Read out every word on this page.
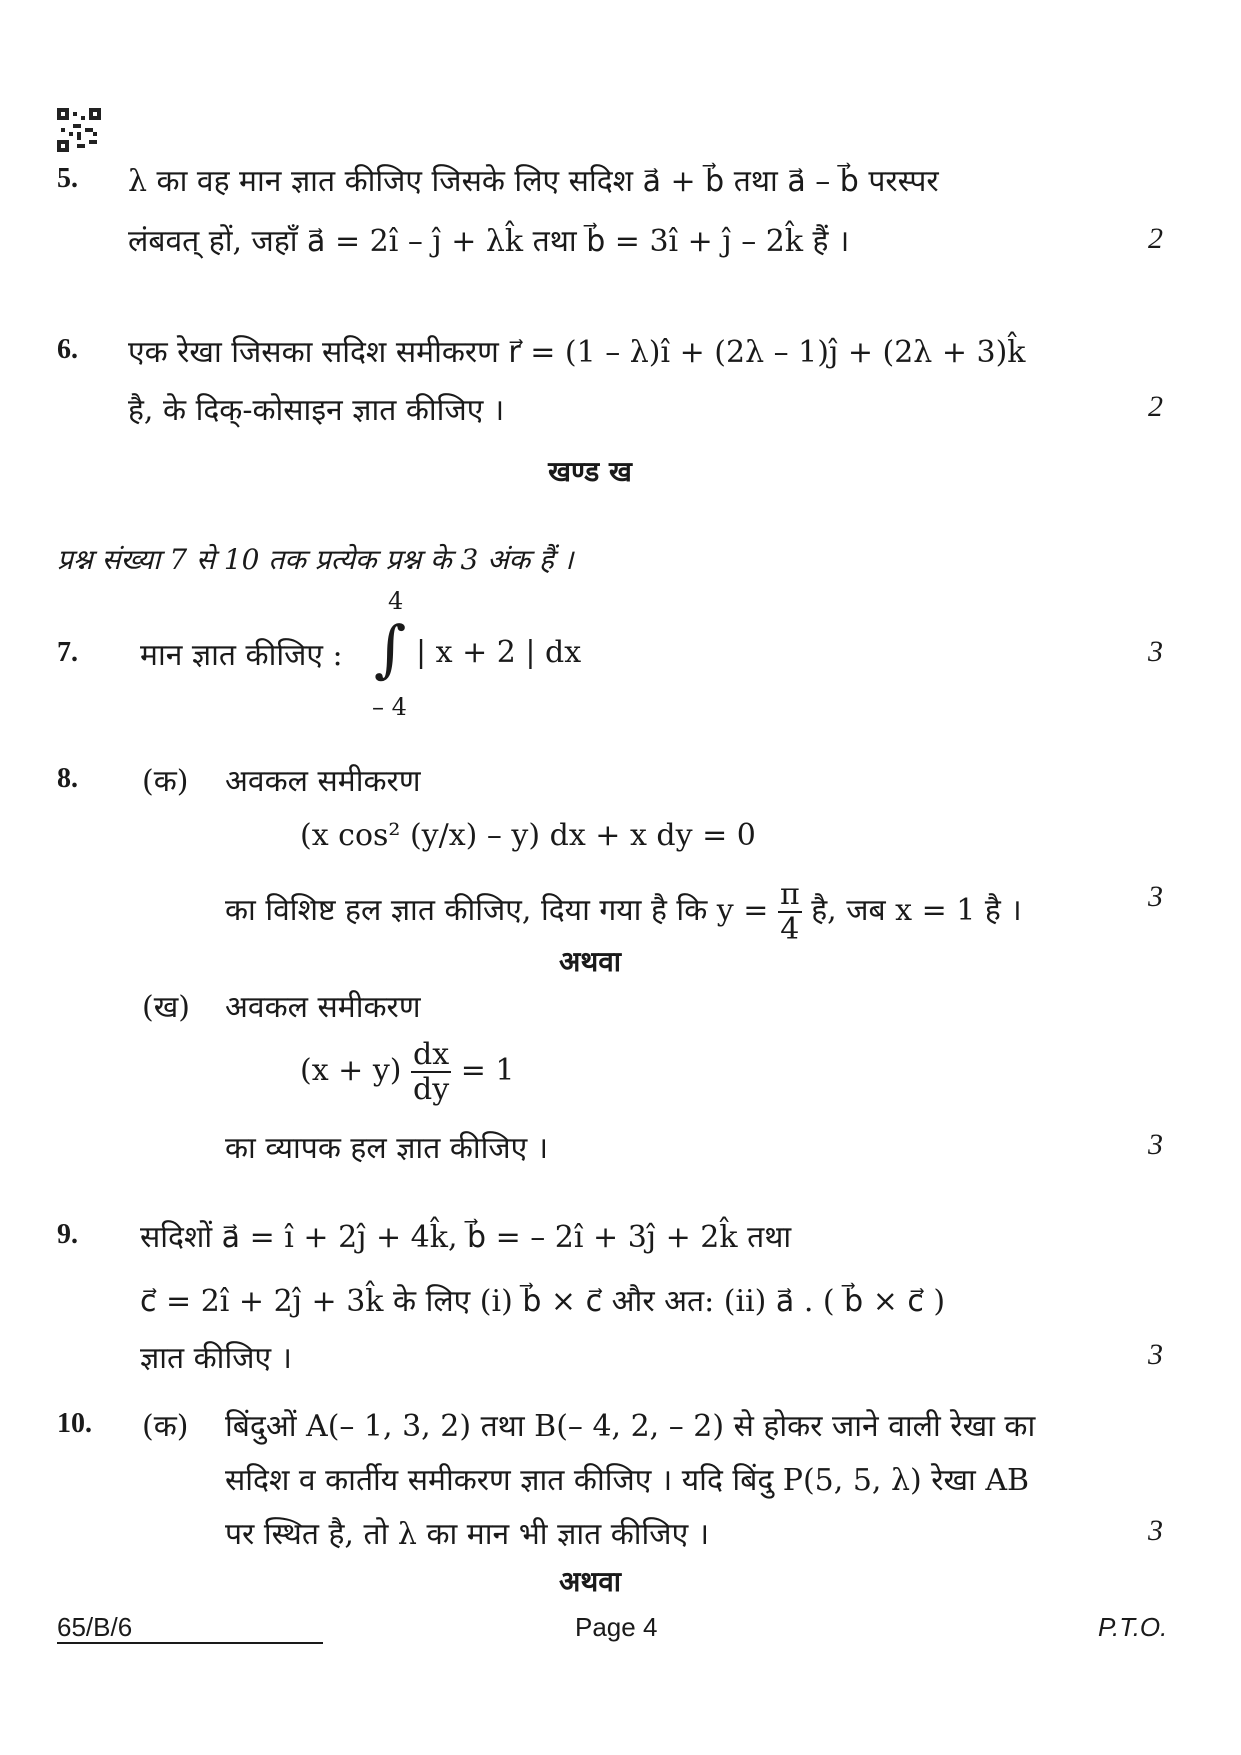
5. λ का वह मान ज्ञात कीजिए जिसके लिए सदिश a⃗ + b⃗ तथा a⃗ – b⃗ परस्पर
लंबवत् हों, जहाँ a⃗ = 2î – ĵ + λk̂ तथा b⃗ = 3î + ĵ – 2k̂ हैं ।	2
6. एक रेखा जिसका सदिश समीकरण r⃗ = (1 – λ)î + (2λ – 1)ĵ + (2λ + 3)k̂
है, के दिक्-कोसाइन ज्ञात कीजिए ।	2
खण्ड ख
प्रश्न संख्या 7 से 10 तक प्रत्येक प्रश्न के 3 अंक हैं ।
7. मान ज्ञात कीजिए :
4
∫
– 4
| x + 2 | dx	3
8. (क) अवकल समीकरण
(x cos² (y/x) – y) dx + x dy = 0
का विशिष्ट हल ज्ञात कीजिए, दिया गया है कि $y = \frac{\pi}{4}$ है, जब x = 1 है ।	3
अथवा
(ख) अवकल समीकरण
$(x + y) \frac{dx}{dy} = 1$
का व्यापक हल ज्ञात कीजिए ।	3
9. सदिशों a⃗ = î + 2ĵ + 4k̂, b⃗ = – 2î + 3ĵ + 2k̂ तथा
c⃗ = 2î + 2ĵ + 3k̂ के लिए (i) b⃗ × c⃗ और अत: (ii) a⃗ . ( b⃗ × c⃗ )
ज्ञात कीजिए ।	3
10. (क) बिंदुओं A(– 1, 3, 2) तथा B(– 4, 2, – 2) से होकर जाने वाली रेखा का
सदिश व कार्तीय समीकरण ज्ञात कीजिए । यदि बिंदु P(5, 5, λ) रेखा AB
पर स्थित है, तो λ का मान भी ज्ञात कीजिए ।	3
अथवा
65/B/6	Page 4	P.T.O.
